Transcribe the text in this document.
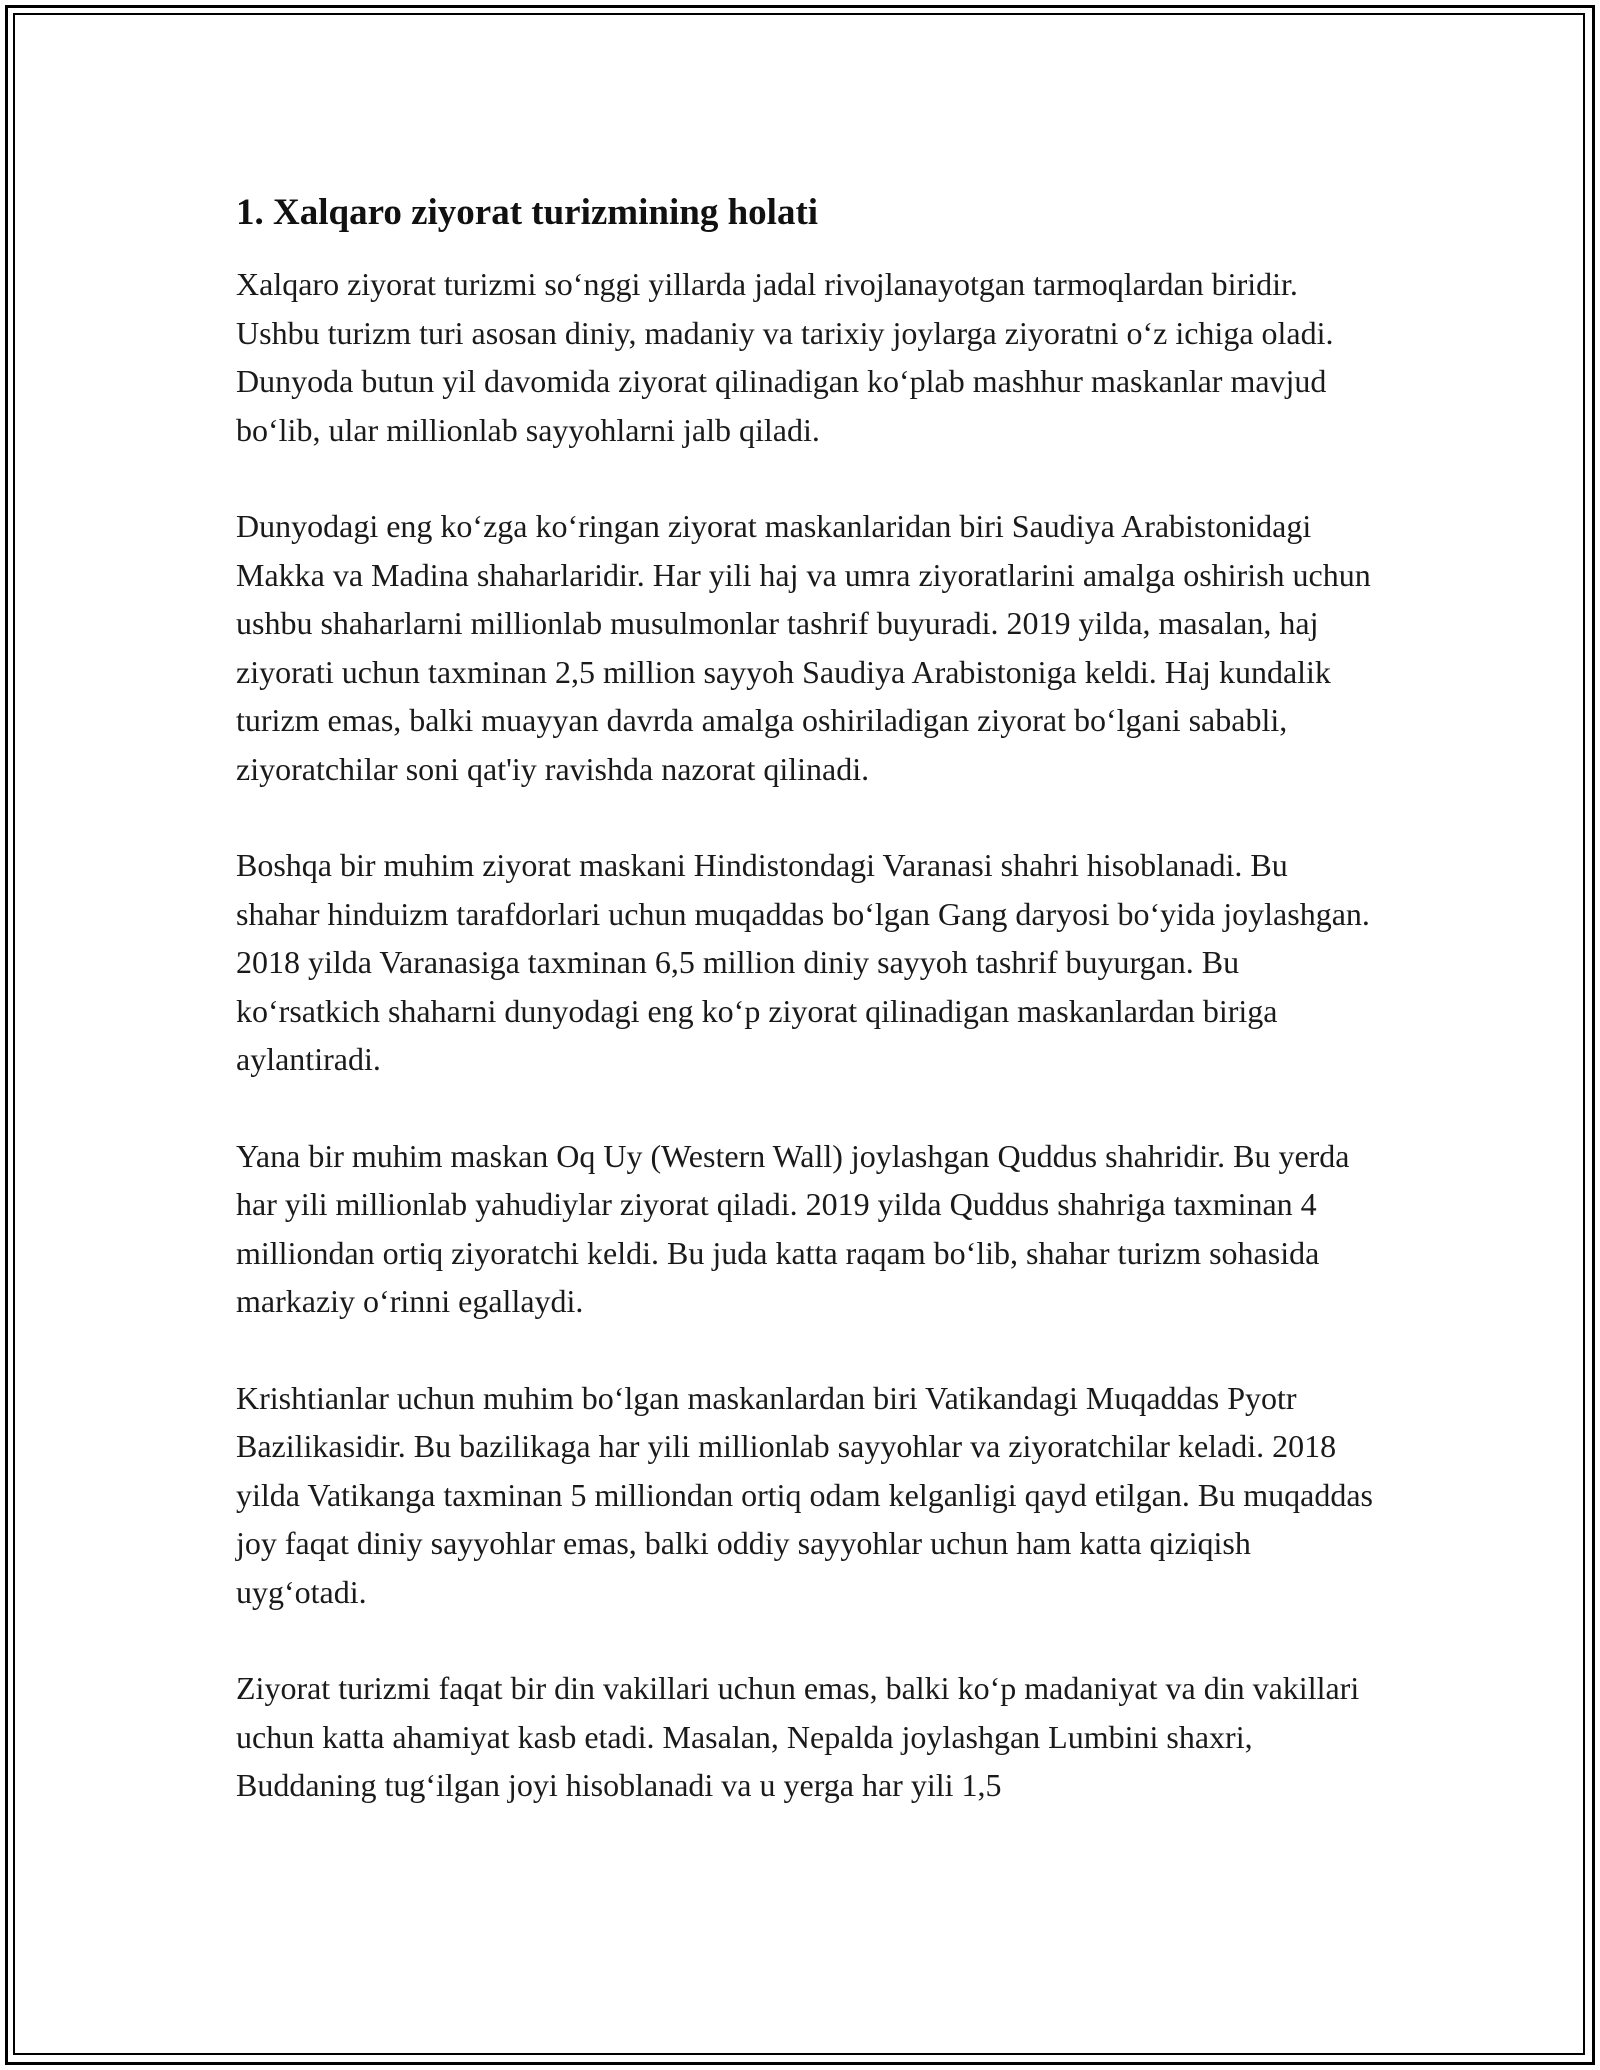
1. Xalqaro ziyorat turizmining holati

Xalqaro ziyorat turizmi so‘nggi yillarda jadal rivojlanayotgan tarmoqlardan biridir. Ushbu turizm turi asosan diniy, madaniy va tarixiy joylarga ziyoratni o‘z ichiga oladi. Dunyoda butun yil davomida ziyorat qilinadigan ko‘plab mashhur maskanlar mavjud bo‘lib, ular millionlab sayyohlarni jalb qiladi.

Dunyodagi eng ko‘zga ko‘ringan ziyorat maskanlaridan biri Saudiya Arabistonidagi Makka va Madina shaharlaridir. Har yili haj va umra ziyoratlarini amalga oshirish uchun ushbu shaharlarni millionlab musulmonlar tashrif buyuradi. 2019 yilda, masalan, haj ziyorati uchun taxminan 2,5 million sayyoh Saudiya Arabistoniga keldi. Haj kundalik turizm emas, balki muayyan davrda amalga oshiriladigan ziyorat bo‘lgani sababli, ziyoratchilar soni qat'iy ravishda nazorat qilinadi.

Boshqa bir muhim ziyorat maskani Hindistondagi Varanasi shahri hisoblanadi. Bu shahar hinduizm tarafdorlari uchun muqaddas bo‘lgan Gang daryosi bo‘yida joylashgan. 2018 yilda Varanasiga taxminan 6,5 million diniy sayyoh tashrif buyurgan. Bu ko‘rsatkich shaharni dunyodagi eng ko‘p ziyorat qilinadigan maskanlardan biriga aylantiradi.

Yana bir muhim maskan Oq Uy (Western Wall) joylashgan Quddus shahridir. Bu yerda har yili millionlab yahudiylar ziyorat qiladi. 2019 yilda Quddus shahriga taxminan 4 milliondan ortiq ziyoratchi keldi. Bu juda katta raqam bo‘lib, shahar turizm sohasida markaziy o‘rinni egallaydi.

Krishtianlar uchun muhim bo‘lgan maskanlardan biri Vatikandagi Muqaddas Pyotr Bazilikasidir. Bu bazilikaga har yili millionlab sayyohlar va ziyoratchilar keladi. 2018 yilda Vatikanga taxminan 5 milliondan ortiq odam kelganligi qayd etilgan. Bu muqaddas joy faqat diniy sayyohlar emas, balki oddiy sayyohlar uchun ham katta qiziqish uyg‘otadi.

Ziyorat turizmi faqat bir din vakillari uchun emas, balki ko‘p madaniyat va din vakillari uchun katta ahamiyat kasb etadi. Masalan, Nepalda joylashgan Lumbini shaxri, Buddaning tug‘ilgan joyi hisoblanadi va u yerga har yili 1,5
